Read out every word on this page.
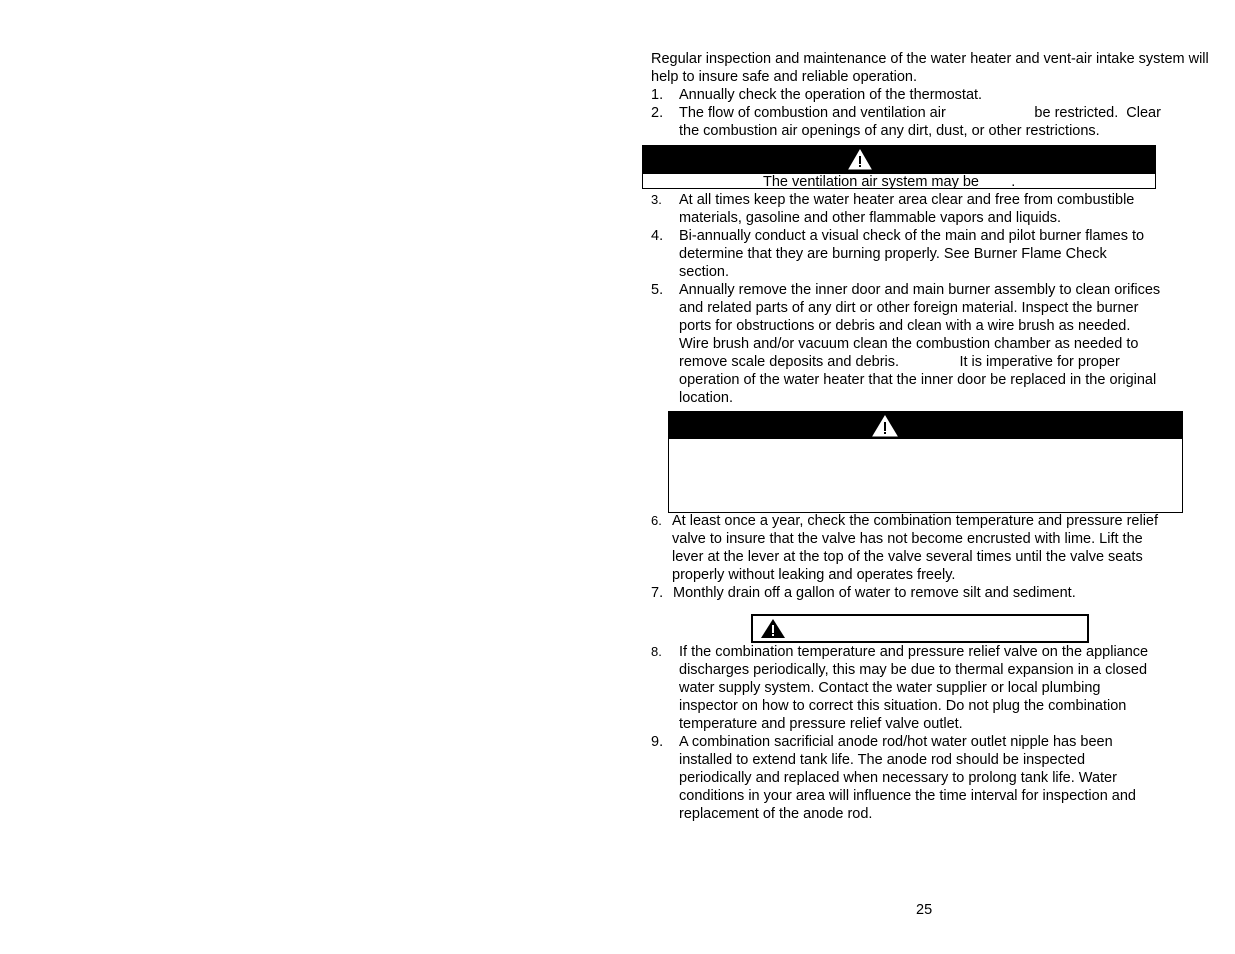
Regular inspection and maintenance of the water heater and vent-air intake system will help to insure safe and reliable operation.
1. Annually check the operation of the thermostat.
2. The flow of combustion and ventilation air                      be restricted.  Clear
the combustion air openings of any dirt, dust, or other restrictions.
The ventilation air system may be        .
3. At all times keep the water heater area clear and free from combustible
materials, gasoline and other flammable vapors and liquids.
4. Bi-annually conduct a visual check of the main and pilot burner flames to
determine that they are burning properly. See Burner Flame Check
section.
5. Annually remove the inner door and main burner assembly to clean orifices
and related parts of any dirt or other foreign material. Inspect the burner
ports for obstructions or debris and clean with a wire brush as needed.
Wire brush and/or vacuum clean the combustion chamber as needed to
remove scale deposits and debris.               It is imperative for proper
operation of the water heater that the inner door be replaced in the original
location.
6. At least once a year, check the combination temperature and pressure relief
valve to insure that the valve has not become encrusted with lime. Lift the
lever at the lever at the top of the valve several times until the valve seats
properly without leaking and operates freely.
7. Monthly drain off a gallon of water to remove silt and sediment.
8. If the combination temperature and pressure relief valve on the appliance
discharges periodically, this may be due to thermal expansion in a closed
water supply system. Contact the water supplier or local plumbing
inspector on how to correct this situation. Do not plug the combination
temperature and pressure relief valve outlet.
9. A combination sacrificial anode rod/hot water outlet nipple has been
installed to extend tank life. The anode rod should be inspected
periodically and replaced when necessary to prolong tank life. Water
conditions in your area will influence the time interval for inspection and
replacement of the anode rod.
25
